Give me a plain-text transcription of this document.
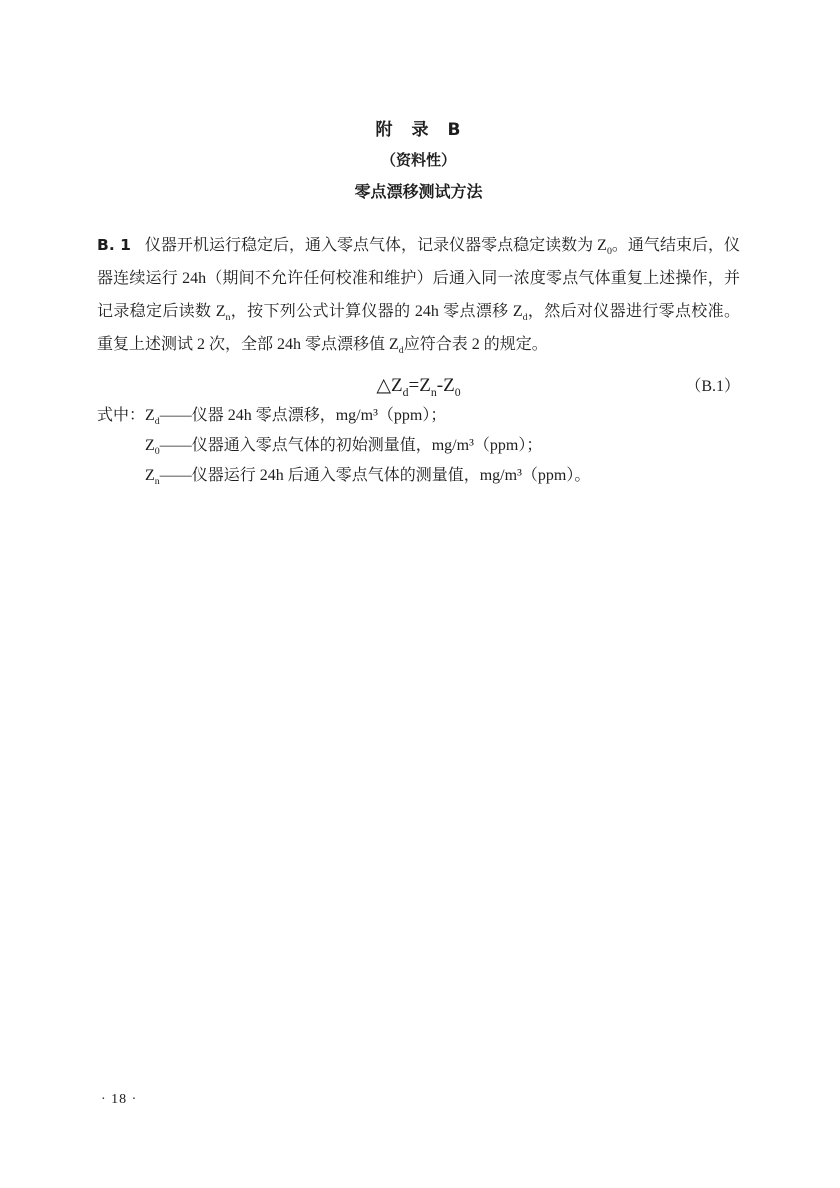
附　录　B
（资料性）
零点漂移测试方法

B. 1 仪器开机运行稳定后，通入零点气体，记录仪器零点稳定读数为 $Z_0$。通气结束后，仪器连续运行 24h（期间不允许任何校准和维护）后通入同一浓度零点气体重复上述操作，并记录稳定后读数 $Z_n$，按下列公式计算仪器的 24h 零点漂移 $Z_d$，然后对仪器进行零点校准。重复上述测试 2 次，全部 24h 零点漂移值 $Z_d$应符合表 2 的规定。

$\triangle Z_d=Z_n-Z_0$	（B.1）
式中： $Z_d——$仪器 24h 零点漂移，mg/m³（ppm）；
$Z_0——$仪器通入零点气体的初始测量值，mg/m³（ppm）；
$Z_n——$仪器运行 24h 后通入零点气体的测量值，mg/m³（ppm）。
· 18 ·
